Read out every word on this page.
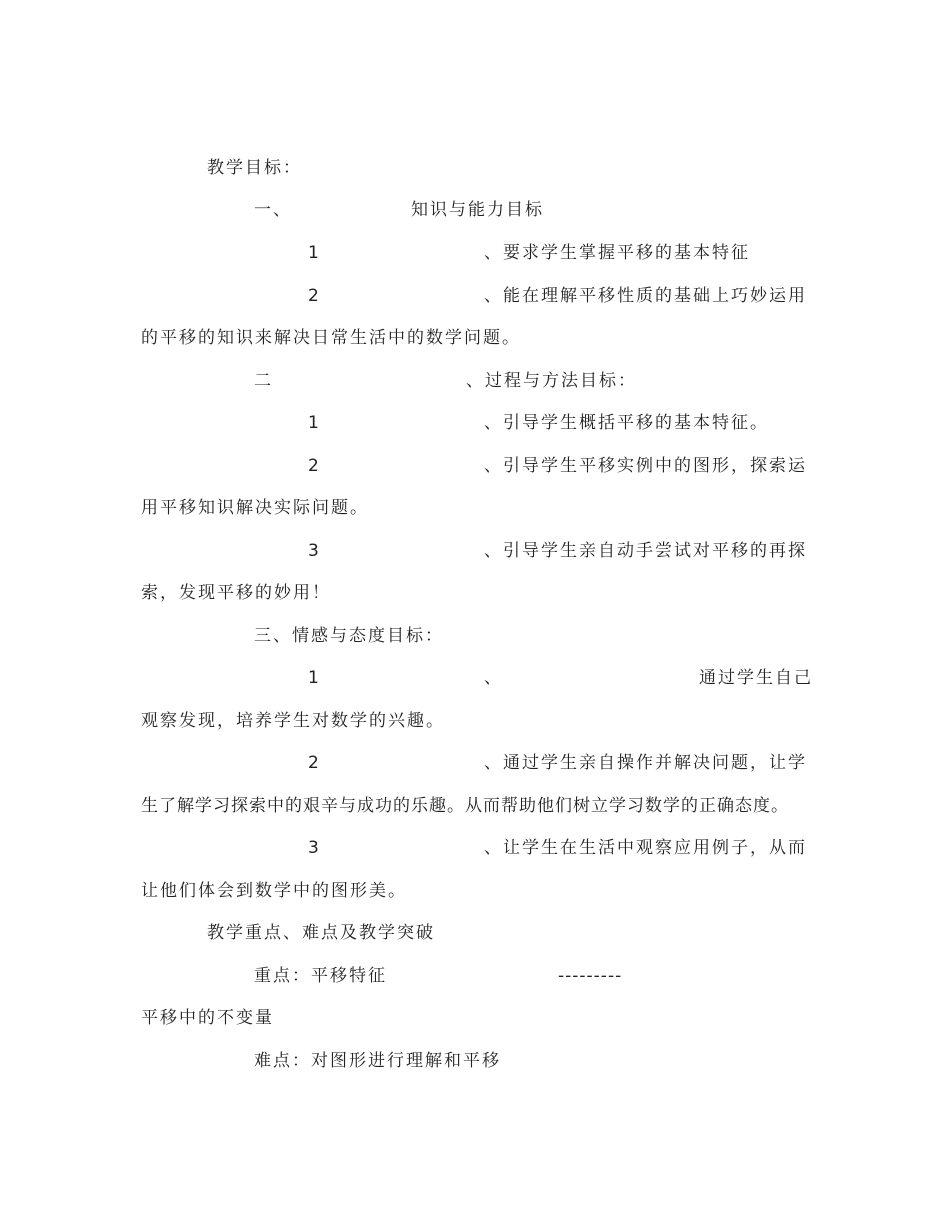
教学目标：
一、	知识与能力目标
1	、要求学生掌握平移的基本特征
2	、能在理解平移性质的基础上巧妙运用
的平移的知识来解决日常生活中的数学问题。
二	、过程与方法目标：
1	、引导学生概括平移的基本特征。
2	、引导学生平移实例中的图形，探索运
用平移知识解决实际问题。
3	、引导学生亲自动手尝试对平移的再探
索，发现平移的妙用！
三、情感与态度目标：
1	、	通过学生自己
观察发现，培养学生对数学的兴趣。
2	、通过学生亲自操作并解决问题，让学
生了解学习探索中的艰辛与成功的乐趣。从而帮助他们树立学习数学的正确态度。
3	、让学生在生活中观察应用例子，从而
让他们体会到数学中的图形美。
教学重点、难点及教学突破
重点：平移特征	---------
平移中的不变量
难点：对图形进行理解和平移
